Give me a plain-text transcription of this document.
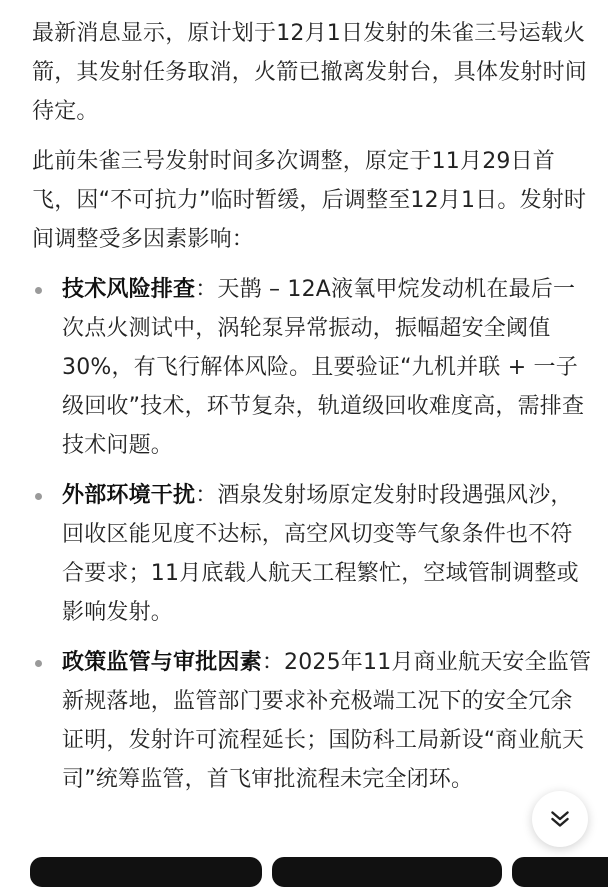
最新消息显示，原计划于12月1日发射的朱雀三号运载火箭，其发射任务取消，火箭已撤离发射台，具体发射时间待定。

此前朱雀三号发射时间多次调整，原定于11月29日首飞，因“不可抗力”临时暂缓，后调整至12月1日。发射时间调整受多因素影响：

技术风险排查：天鹊 – 12A液氧甲烷发动机在最后一次点火测试中，涡轮泵异常振动，振幅超安全阈值30%，有飞行解体风险。且要验证“九机并联 + 一子级回收”技术，环节复杂，轨道级回收难度高，需排查技术问题。
外部环境干扰：酒泉发射场原定发射时段遇强风沙，回收区能见度不达标，高空风切变等气象条件也不符合要求；11月底载人航天工程繁忙，空域管制调整或影响发射。
政策监管与审批因素：2025年11月商业航天安全监管新规落地，监管部门要求补充极端工况下的安全冗余证明，发射许可流程延长；国防科工局新设“商业航天司”统筹监管，首飞审批流程未完全闭环。
